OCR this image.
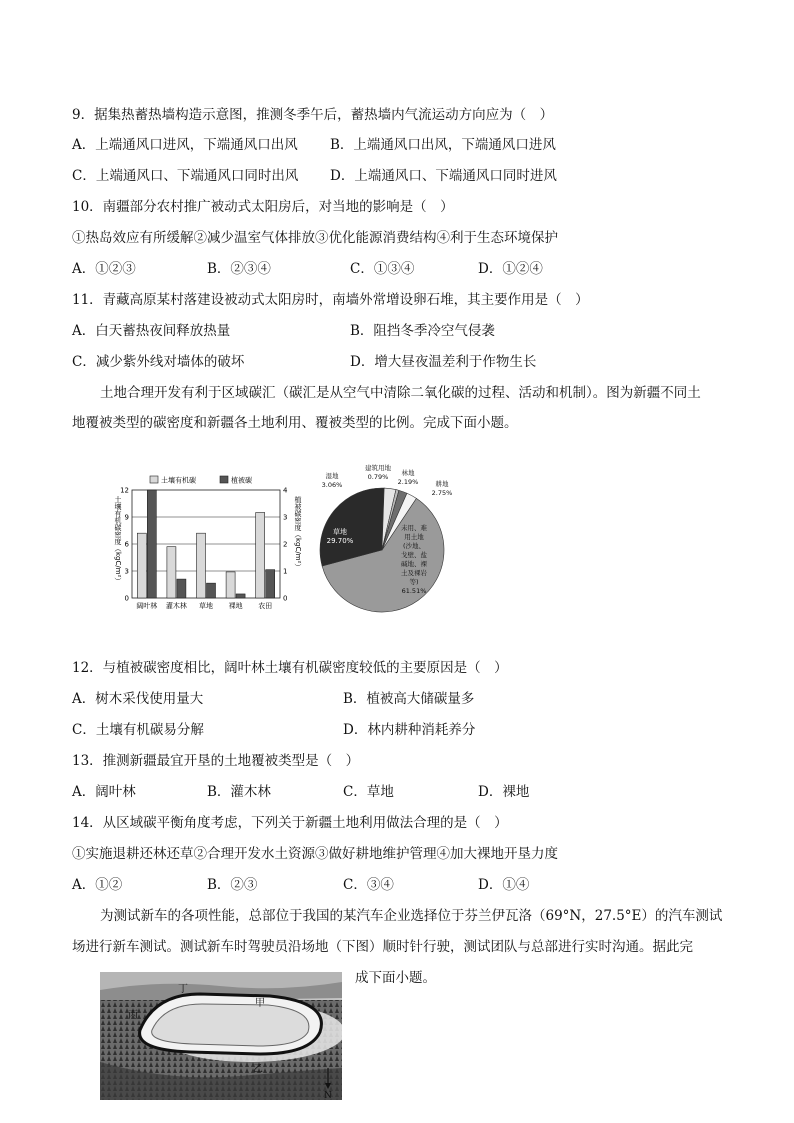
9．据集热蓄热墙构造示意图，推测冬季午后，蓄热墙内气流运动方向应为（　）
A．上端通风口进风，下端通风口出风 B．上端通风口出风，下端通风口进风
C．上端通风口、下端通风口同时出风 D．上端通风口、下端通风口同时进风
10．南疆部分农村推广被动式太阳房后，对当地的影响是（　）
①热岛效应有所缓解②减少温室气体排放③优化能源消费结构④利于生态环境保护
A．①②③	B．②③④	C．①③④	D．①②④
11．青藏高原某村落建设被动式太阳房时，南墙外常增设卵石堆，其主要作用是（　）
A．白天蓄热夜间释放热量	B．阻挡冬季冷空气侵袭
C．减少紫外线对墙体的破坏	D．增大昼夜温差利于作物生长
土地合理开发有利于区域碳汇（碳汇是从空气中清除二氧化碳的过程、活动和机制）。图为新疆不同土
地覆被类型的碳密度和新疆各土地利用、覆被类型的比例。完成下面小题。
0
3
6
9
12
0
1
2
3
4
阔叶林 灌木林 草地 裸地 农田
土壤有机碳	植被碳
土壤有机碳密度（kgC/m²）	植被碳密度（kgC/m²）	未用、难
用土地
(沙地、
戈壁、盐
碱地、裸
土及裸岩
等)
61.51%
草地
29.70%
湿地
3.06%
建筑用地
0.79% 林地
2.19%	耕地
2.75%
12．与植被碳密度相比，阔叶林土壤有机碳密度较低的主要原因是（　）
A．树木采伐使用量大	B．植被高大储碳量多
C．土壤有机碳易分解	D．林内耕种消耗养分
13．推测新疆最宜开垦的土地覆被类型是（　）
A．阔叶林	B．灌木林	C．草地	D．裸地
14．从区域碳平衡角度考虑，下列关于新疆土地利用做法合理的是（　）
①实施退耕还林还草②合理开发水土资源③做好耕地维护管理④加大裸地开垦力度
A．①②	B．②③	C．③④	D．①④
为测试新车的各项性能，总部位于我国的某汽车企业选择位于芬兰伊瓦洛（69°N，27.5°E）的汽车测试
场进行新车测试。测试新车时驾驶员沿场地（下图）顺时针行驶，测试团队与总部进行实时沟通。据此完
成下面小题。
丁
甲
丙
乙
N
